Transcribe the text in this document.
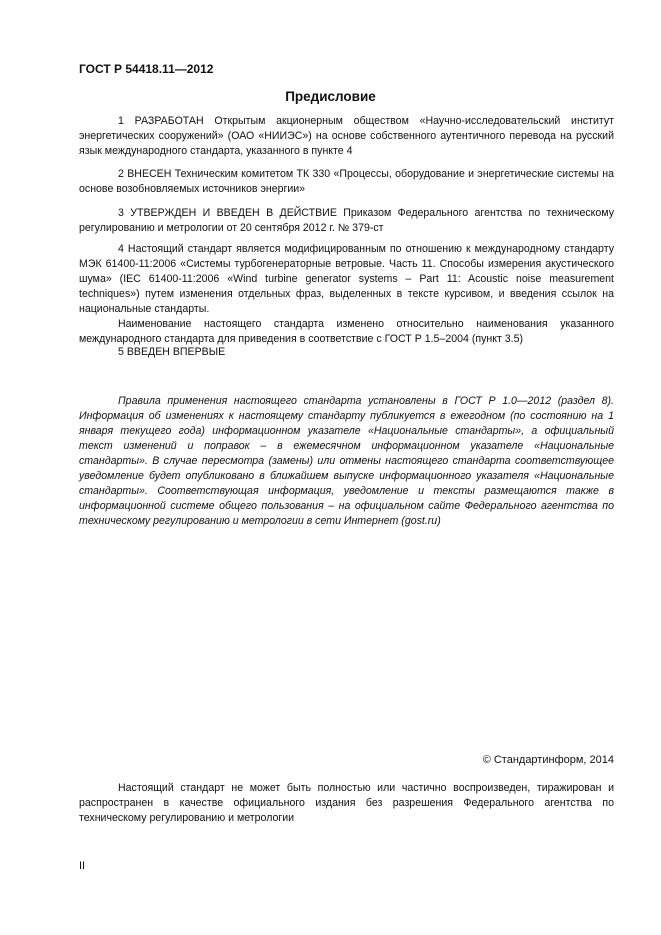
ГОСТ Р 54418.11—2012
Предисловие

1 РАЗРАБОТАН Открытым акционерным обществом «Научно-исследовательский институт энергетических сооружений» (ОАО «НИИЭС») на основе собственного аутентичного перевода на русский язык международного стандарта, указанного в пункте 4

2 ВНЕСЕН Техническим комитетом ТК 330 «Процессы, оборудование и энергетические системы на основе возобновляемых источников энергии»

3 УТВЕРЖДЕН И ВВЕДЕН В ДЕЙСТВИЕ Приказом Федерального агентства по техническому регулированию и метрологии от 20 сентября 2012 г. № 379-ст

4 Настоящий стандарт является модифицированным по отношению к международному стандарту МЭК 61400-11:2006 «Системы турбогенераторные ветровые. Часть 11. Способы измерения акустического шума» (IEC 61400-11:2006 «Wind turbine generator systems – Part 11: Acoustic noise measurement techniques») путем изменения отдельных фраз, выделенных в тексте курсивом, и введения ссылок на национальные стандарты.

Наименование настоящего стандарта изменено относительно наименования указанного международного стандарта для приведения в соответствие с ГОСТ Р 1.5–2004 (пункт 3.5)

5 ВВЕДЕН ВПЕРВЫЕ

Правила применения настоящего стандарта установлены в ГОСТ Р 1.0—2012 (раздел 8). Информация об изменениях к настоящему стандарту публикуется в ежегодном (по состоянию на 1 января текущего года) информационном указателе «Национальные стандарты», а официальный текст изменений и поправок – в ежемесячном информационном указателе «Национальные стандарты». В случае пересмотра (замены) или отмены настоящего стандарта соответствующее уведомление будет опубликовано в ближайшем выпуске информационного указателя «Национальные стандарты». Соответствующая информация, уведомление и тексты размещаются также в информационной системе общего пользования – на официальном сайте Федерального агентства по техническому регулированию и метрологии в сети Интернет (gost.ru)

© Стандартинформ, 2014

Настоящий стандарт не может быть полностью или частично воспроизведен, тиражирован и распространен в качестве официального издания без разрешения Федерального агентства по техническому регулированию и метрологии

II
